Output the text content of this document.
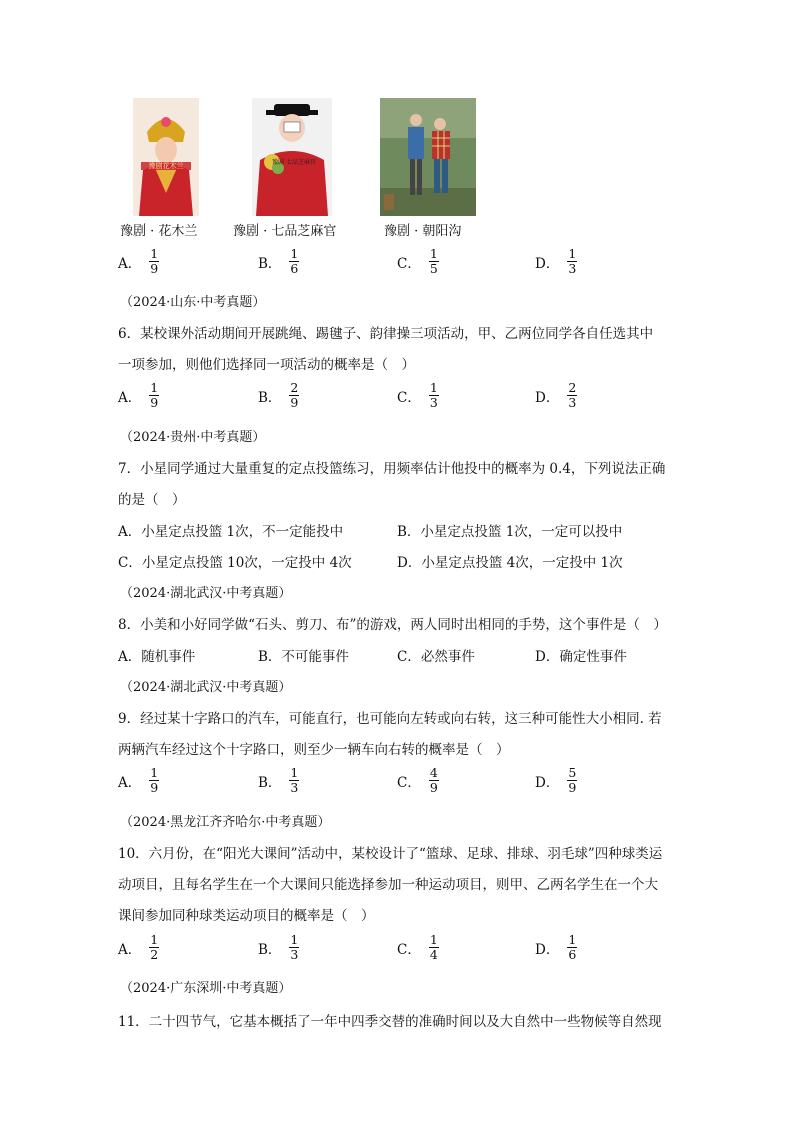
豫剧花木兰	豫剧 七品芝麻官
豫剧 · 花木兰	豫剧 · 七品芝麻官	豫剧 · 朝阳沟
A． $\frac{1}{9}$	B． $\frac{1}{6}$	C． $\frac{1}{5}$	D． $\frac{1}{3}$
（2024·山东·中考真题）
6．某校课外活动期间开展跳绳、踢毽子、韵律操三项活动，甲、乙两位同学各自任选其中
一项参加，则他们选择同一项活动的概率是（　）
A． $\frac{1}{9}$	B． $\frac{2}{9}$	C． $\frac{1}{3}$	D． $\frac{2}{3}$
（2024·贵州·中考真题）
7．小星同学通过大量重复的定点投篮练习，用频率估计他投中的概率为 0.4，下列说法正确
的是（　）
A．小星定点投篮 1次，不一定能投中	B．小星定点投篮 1次，一定可以投中
C．小星定点投篮 10次，一定投中 4次	D．小星定点投篮 4次，一定投中 1次
（2024·湖北武汉·中考真题）
8．小美和小好同学做“石头、剪刀、布”的游戏，两人同时出相同的手势，这个事件是（　）
A．随机事件	B．不可能事件	C．必然事件	D．确定性事件
（2024·湖北武汉·中考真题）
9．经过某十字路口的汽车，可能直行，也可能向左转或向右转，这三种可能性大小相同. 若
两辆汽车经过这个十字路口，则至少一辆车向右转的概率是（　）
A． $\frac{1}{9}$	B． $\frac{1}{3}$	C． $\frac{4}{9}$	D． $\frac{5}{9}$
（2024·黑龙江齐齐哈尔·中考真题）
10．六月份，在“阳光大课间”活动中，某校设计了“篮球、足球、排球、羽毛球”四种球类运
动项目，且每名学生在一个大课间只能选择参加一种运动项目，则甲、乙两名学生在一个大
课间参加同种球类运动项目的概率是（　）
A． $\frac{1}{2}$	B． $\frac{1}{3}$	C． $\frac{1}{4}$	D． $\frac{1}{6}$
（2024·广东深圳·中考真题）
11．二十四节气，它基本概括了一年中四季交替的准确时间以及大自然中一些物候等自然现
